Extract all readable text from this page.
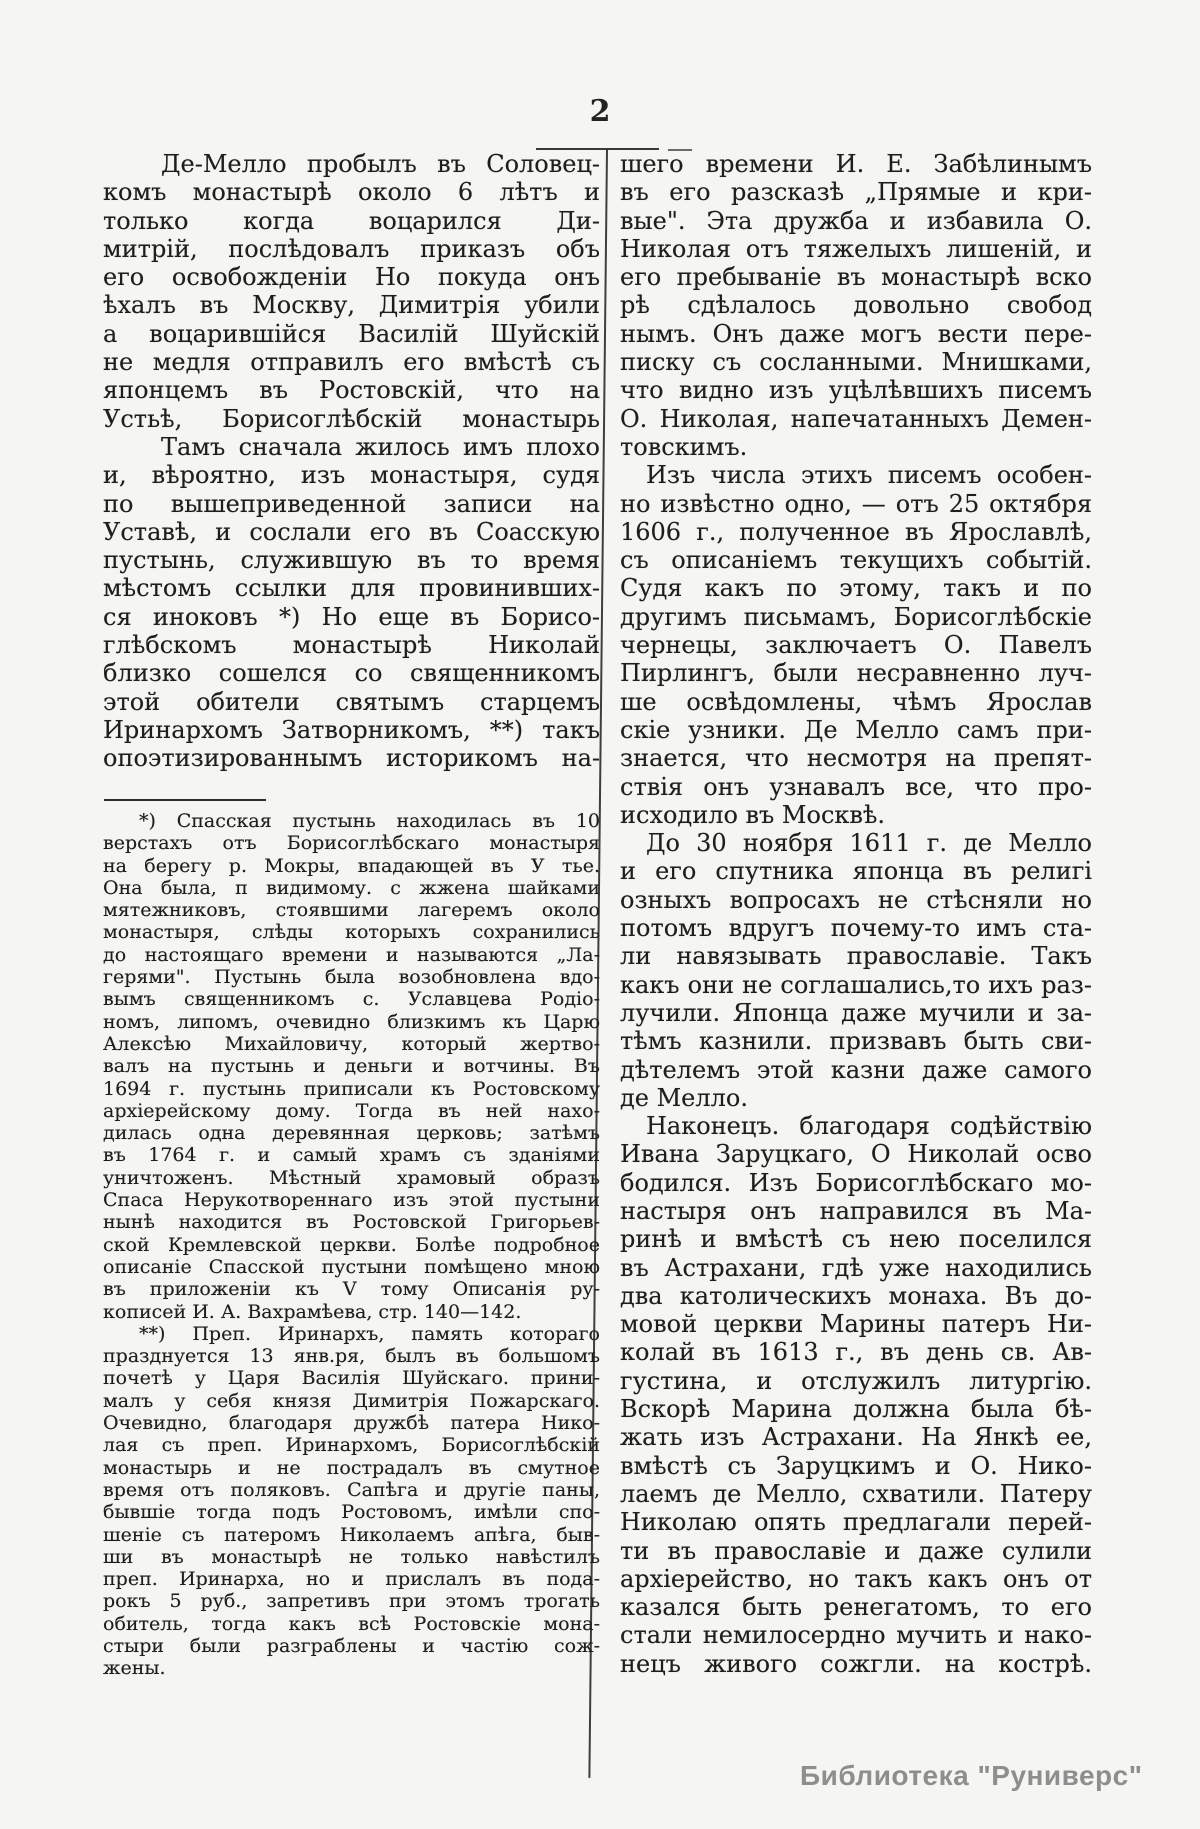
2
Де-Мелло пробылъ въ Соловец-
комъ монастырѣ около 6 лѣтъ и
только когда воцарился Ди-
митрій, послѣдовалъ приказъ объ
его освобожденіи Но покуда онъ
ѣхалъ въ Москву, Димитрія убили
а воцарившійся Василій Шуйскій
не медля отправилъ его вмѣстѣ съ
японцемъ въ Ростовскій, что на
Устьѣ, Борисоглѣбскій монастырь
Тамъ сначала жилось имъ плохо
и, вѣроятно, изъ монастыря, судя
по вышеприведенной записи на
Уставѣ, и сослали его въ Соасскую
пустынь, служившую въ то время
мѣстомъ ссылки для провинивших-
ся иноковъ *) Но еще въ Борисо-
глѣбскомъ монастырѣ Николай
близко сошелся со священникомъ
этой обители святымъ старцемъ
Иринархомъ Затворникомъ, **) такъ
опоэтизированнымъ историкомъ на-
*) Спасская пустынь находилась въ 10
верстахъ отъ Борисоглѣбскаго монастыря
на берегу р. Мокры, впадающей въ У тье.
Она была, п видимому. с жжена шайками
мятежниковъ, стоявшими лагеремъ около
монастыря, слѣды которыхъ сохранились
до настоящаго времени и называются „Ла-
герями". Пустынь была возобновлена вдо-
вымъ священникомъ с. Уславцева Родіо-
номъ, липомъ, очевидно близкимъ къ Царю
Алексѣю Михайловичу, который жертво-
валъ на пустынь и деньги и вотчины. Въ
1694 г. пустынь приписали къ Ростовскому
архіерейскому дому. Тогда въ ней нахо-
дилась одна деревянная церковь; затѣмъ
въ 1764 г. и самый храмъ съ зданіями
уничтоженъ. Мѣстный храмовый образъ
Спаса Нерукотвореннаго изъ этой пустыни
нынѣ находится въ Ростовской Григорьев-
ской Кремлевской церкви. Болѣе подробное
описаніе Спасской пустыни помѣщено мною
въ приложеніи къ V тому Описанія ру-
кописей И. А. Вахрамѣева, стр. 140—142.
**) Преп. Иринархъ, память котораго
празднуется 13 янв.ря, былъ въ большомъ
почетѣ у Царя Василія Шуйскаго. прини-
малъ у себя князя Димитрія Пожарскаго.
Очевидно, благодаря дружбѣ патера Нико-
лая съ преп. Иринархомъ, Борисоглѣбскій
монастырь и не пострадалъ въ смутное
время отъ поляковъ. Сапѣга и другіе паны,
бывшіе тогда подъ Ростовомъ, имѣли спо-
шеніе съ патеромъ Николаемъ апѣга, быв-
ши въ монастырѣ не только навѣстилъ
преп. Иринарха, но и прислалъ въ пода-
рокъ 5 руб., запретивъ при этомъ трогать
обитель, тогда какъ всѣ Ростовскіе мона-
стыри были разграблены и частію сож-
жены.
шего времени И. Е. Забѣлинымъ
въ его разсказѣ „Прямые и кри-
вые". Эта дружба и избавила О.
Николая отъ тяжелыхъ лишеній, и
его пребываніе въ монастырѣ вско
рѣ сдѣлалось довольно свобод
нымъ. Онъ даже могъ вести пере-
писку съ сосланными. Мнишками,
что видно изъ уцѣлѣвшихъ писемъ
О. Николая, напечатанныхъ Демен-
товскимъ.
Изъ числа этихъ писемъ особен-
но извѣстно одно, — отъ 25 октября
1606 г., полученное въ Ярославлѣ,
съ описаніемъ текущихъ событій.
Судя какъ по этому, такъ и по
другимъ письмамъ, Борисоглѣбскіе
чернецы, заключаетъ О. Павелъ
Пирлингъ, были несравненно луч-
ше освѣдомлены, чѣмъ Ярослав
скіе узники. Де Мелло самъ при-
знается, что несмотря на препят-
ствія онъ узнавалъ все, что про-
исходило въ Москвѣ.
До 30 ноября 1611 г. де Мелло
и его спутника японца въ религі
озныхъ вопросахъ не стѣсняли но
потомъ вдругъ почему-то имъ ста-
ли навязывать православіе. Такъ
какъ они не соглашались,то ихъ раз-
лучили. Японца даже мучили и за-
тѣмъ казнили. призвавъ быть сви-
дѣтелемъ этой казни даже самого
де Мелло.
Наконецъ. благодаря содѣйствію
Ивана Заруцкаго, О Николай осво
бодился. Изъ Борисоглѣбскаго мо-
настыря онъ направился въ Ма-
ринѣ и вмѣстѣ съ нею поселился
въ Астрахани, гдѣ уже находились
два католическихъ монаха. Въ до-
мовой церкви Марины патеръ Ни-
колай въ 1613 г., въ день св. Ав-
густина, и отслужилъ литургію.
Вскорѣ Марина должна была бѣ-
жать изъ Астрахани. На Янкѣ ее,
вмѣстѣ съ Заруцкимъ и О. Нико-
лаемъ де Мелло, схватили. Патеру
Николаю опять предлагали перей-
ти въ православіе и даже сулили
архіерейство, но такъ какъ онъ от
казался быть ренегатомъ, то его
стали немилосердно мучить и нако-
нецъ живого сожгли. на кострѣ.
Библиотека "Руниверс"
